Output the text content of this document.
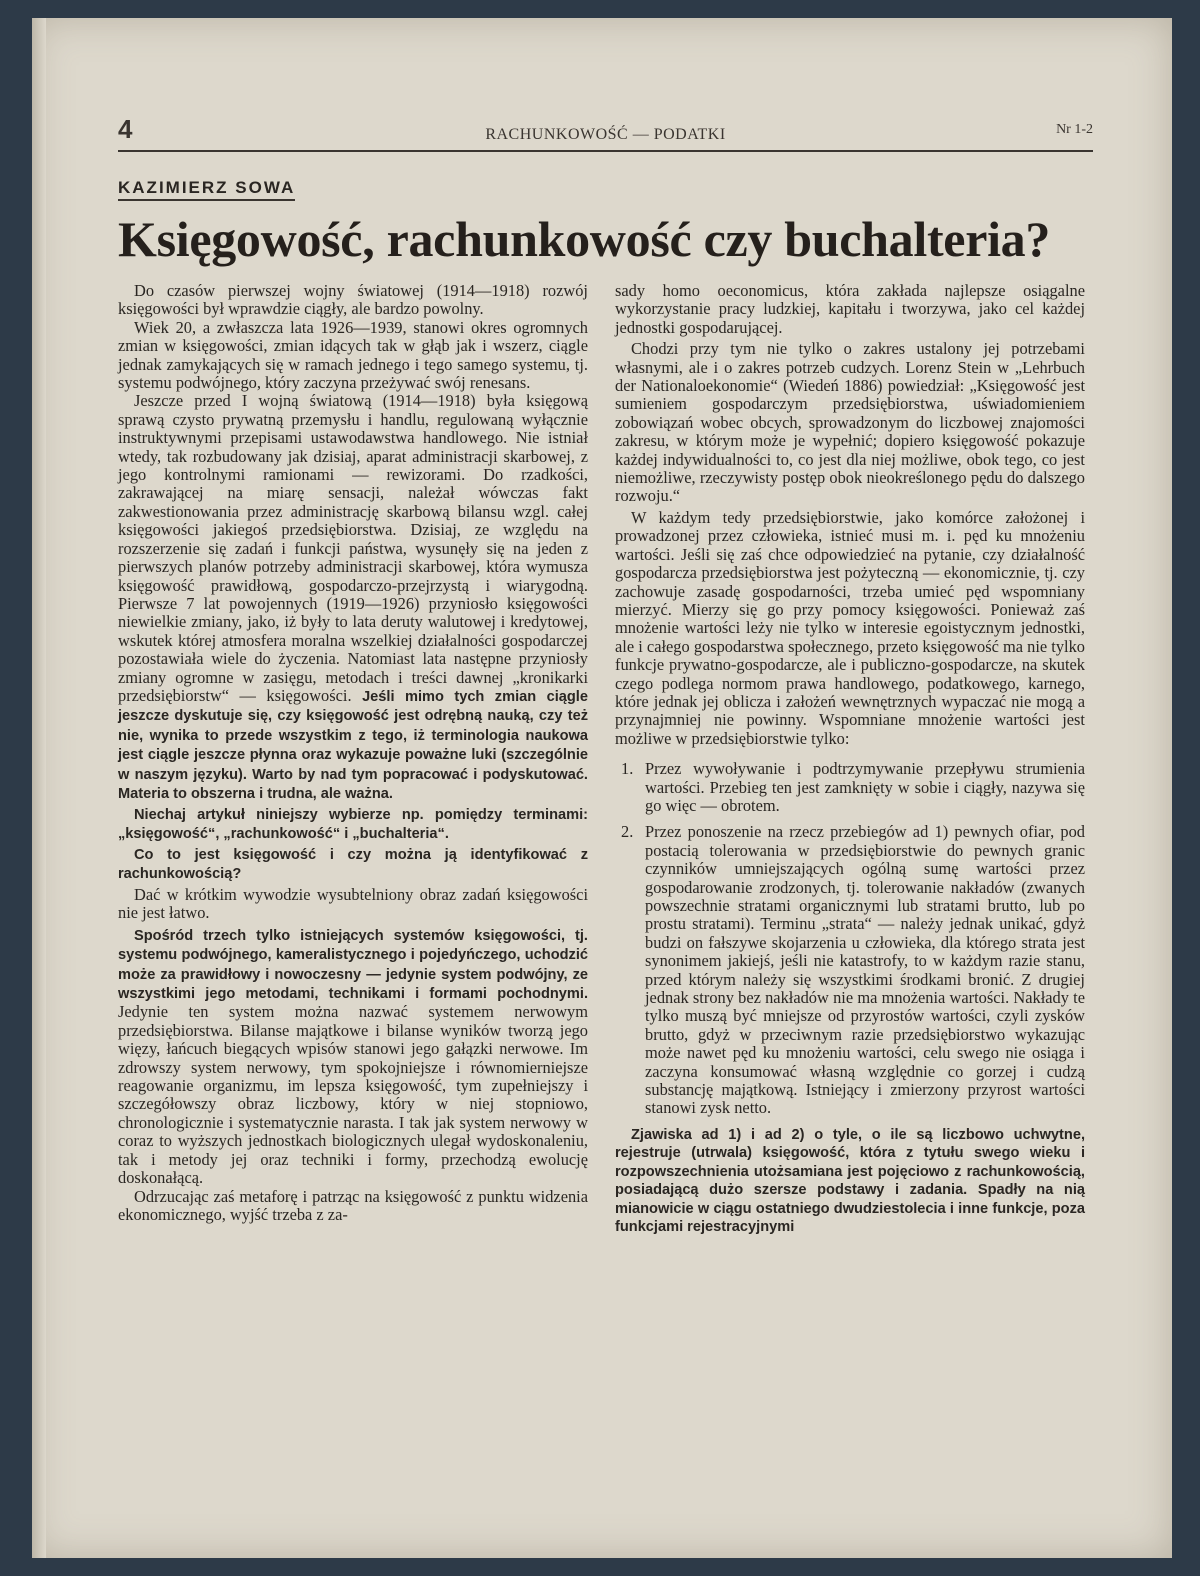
4	RACHUNKOWOŚĆ — PODATKI	Nr 1-2
KAZIMIERZ SOWA
Księgowość, rachunkowość czy buchalteria?

Do czasów pierwszej wojny światowej (1914—1918) rozwój księgowości był wprawdzie ciągły, ale bardzo powolny.

Wiek 20, a zwłaszcza lata 1926—1939, stanowi okres ogromnych zmian w księgowości, zmian idących tak w głąb jak i wszerz, ciągle jednak zamykających się w ramach jednego i tego samego systemu, tj. systemu podwójnego, który zaczyna przeżywać swój renesans.

Jeszcze przed I wojną światową (1914—1918) była księgową sprawą czysto prywatną przemysłu i handlu, regulowaną wyłącznie instruktywnymi przepisami ustawodawstwa handlowego. Nie istniał wtedy, tak rozbudowany jak dzisiaj, aparat administracji skarbowej, z jego kontrolnymi ramionami — rewizorami. Do rzadkości, zakrawającej na miarę sensacji, należał wówczas fakt zakwestionowania przez administrację skarbową bilansu wzgl. całej księgowości jakiegoś przedsiębiorstwa. Dzisiaj, ze względu na rozszerzenie się zadań i funkcji państwa, wysunęły się na jeden z pierwszych planów potrzeby administracji skarbowej, która wymusza księgowość prawidłową, gospodarczo-przejrzystą i wiarygodną. Pierwsze 7 lat powojennych (1919—1926) przyniosło księgowości niewielkie zmiany, jako, iż były to lata deruty walutowej i kredytowej, wskutek której atmosfera moralna wszelkiej działalności gospodarczej pozostawiała wiele do życzenia. Natomiast lata następne przyniosły zmiany ogromne w zasięgu, metodach i treści dawnej „kronikarki przedsiębiorstw“ — księgowości. Jeśli mimo tych zmian ciągle jeszcze dyskutuje się, czy księgowość jest odrębną nauką, czy też nie, wynika to przede wszystkim z tego, iż terminologia naukowa jest ciągle jeszcze płynna oraz wykazuje poważne luki (szczególnie w naszym języku). Warto by nad tym popracować i podyskutować. Materia to obszerna i trudna, ale ważna.

Niechaj artykuł niniejszy wybierze np. pomiędzy terminami: „księgowość“, „rachunkowość“ i „buchalteria“.

Co to jest księgowość i czy można ją identyfikować z rachunkowością?

Dać w krótkim wywodzie wysubtelniony obraz zadań księgowości nie jest łatwo.

Spośród trzech tylko istniejących systemów księgowości, tj. systemu podwójnego, kameralistycznego i pojedyńczego, uchodzić może za prawidłowy i nowoczesny — jedynie system podwójny, ze wszystkimi jego metodami, technikami i formami pochodnymi. Jedynie ten system można nazwać systemem nerwowym przedsiębiorstwa. Bilanse majątkowe i bilanse wyników tworzą jego więzy, łańcuch biegących wpisów stanowi jego gałązki nerwowe. Im zdrowszy system nerwowy, tym spokojniejsze i równomierniejsze reagowanie organizmu, im lepsza księgowość, tym zupełniejszy i szczegółowszy obraz liczbowy, który w niej stopniowo, chronologicznie i systematycznie narasta. I tak jak system nerwowy w coraz to wyższych jednostkach biologicznych ulegał wydoskonaleniu, tak i metody jej oraz techniki i formy, przechodzą ewolucję doskonałącą.

Odrzucając zaś metaforę i patrząc na księgowość z punktu widzenia ekonomicznego, wyjść trzeba z za-

sady homo oeconomicus, która zakłada najlepsze osiągalne wykorzystanie pracy ludzkiej, kapitału i tworzywa, jako cel każdej jednostki gospodarującej.

Chodzi przy tym nie tylko o zakres ustalony jej potrzebami własnymi, ale i o zakres potrzeb cudzych. Lorenz Stein w „Lehrbuch der Nationaloekonomie“ (Wiedeń 1886) powiedział: „Księgowość jest sumieniem gospodarczym przedsiębiorstwa, uświadomieniem zobowiązań wobec obcych, sprowadzonym do liczbowej znajomości zakresu, w którym może je wypełnić; dopiero księgowość pokazuje każdej indywidualności to, co jest dla niej możliwe, obok tego, co jest niemożliwe, rzeczywisty postęp obok nieokreślonego pędu do dalszego rozwoju.“

W każdym tedy przedsiębiorstwie, jako komórce założonej i prowadzonej przez człowieka, istnieć musi m. i. pęd ku mnożeniu wartości. Jeśli się zaś chce odpowiedzieć na pytanie, czy działalność gospodarcza przedsiębiorstwa jest pożyteczną — ekonomicznie, tj. czy zachowuje zasadę gospodarności, trzeba umieć pęd wspomniany mierzyć. Mierzy się go przy pomocy księgowości. Ponieważ zaś mnożenie wartości leży nie tylko w interesie egoistycznym jednostki, ale i całego gospodarstwa społecznego, przeto księgowość ma nie tylko funkcje prywatno-gospodarcze, ale i publiczno-gospodarcze, na skutek czego podlega normom prawa handlowego, podatkowego, karnego, które jednak jej oblicza i założeń wewnętrznych wypaczać nie mogą a przynajmniej nie powinny. Wspomniane mnożenie wartości jest możliwe w przedsiębiorstwie tylko:

1. Przez wywoływanie i podtrzymywanie przepływu strumienia wartości. Przebieg ten jest zamknięty w sobie i ciągły, nazywa się go więc — obrotem.
2. Przez ponoszenie na rzecz przebiegów ad 1) pewnych ofiar, pod postacią tolerowania w przedsiębiorstwie do pewnych granic czynników umniejszających ogólną sumę wartości przez gospodarowanie zrodzonych, tj. tolerowanie nakładów (zwanych powszechnie stratami organicznymi lub stratami brutto, lub po prostu stratami). Terminu „strata“ — należy jednak unikać, gdyż budzi on fałszywe skojarzenia u człowieka, dla którego strata jest synonimem jakiejś, jeśli nie katastrofy, to w każdym razie stanu, przed którym należy się wszystkimi środkami bronić. Z drugiej jednak strony bez nakładów nie ma mnożenia wartości. Nakłady te tylko muszą być mniejsze od przyrostów wartości, czyli zysków brutto, gdyż w przeciwnym razie przedsiębiorstwo wykazując może nawet pęd ku mnożeniu wartości, celu swego nie osiąga i zaczyna konsumować własną względnie co gorzej i cudzą substancję majątkową. Istniejący i zmierzony przyrost wartości stanowi zysk netto.

Zjawiska ad 1) i ad 2) o tyle, o ile są liczbowo uchwytne, rejestruje (utrwala) księgowość, która z tytułu swego wieku i rozpowszechnienia utożsamiana jest pojęciowo z rachunkowością, posiadającą dużo szersze podstawy i zadania. Spadły na nią mianowicie w ciągu ostatniego dwudziestolecia i inne funkcje, poza funkcjami rejestracyjnymi
